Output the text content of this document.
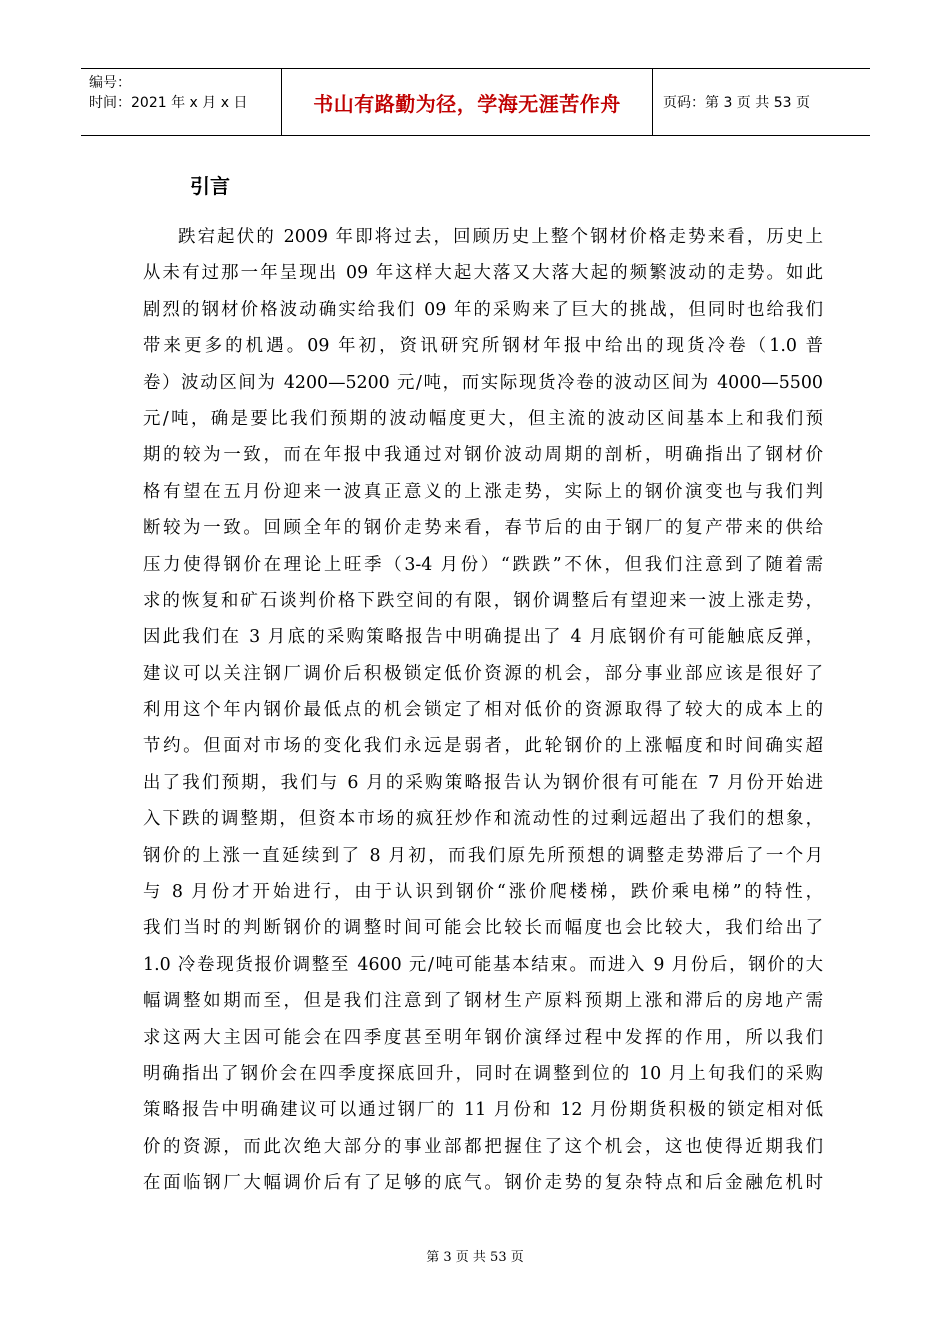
编号：
时间：2021 年 x 月 x 日	书山有路勤为径，学海无涯苦作舟	页码：第 3 页 共 53 页
引言
跌宕起伏的 2009 年即将过去，回顾历史上整个钢材价格走势来看，历史上
从未有过那一年呈现出 09 年这样大起大落又大落大起的频繁波动的走势。如此
剧烈的钢材价格波动确实给我们 09 年的采购来了巨大的挑战，但同时也给我们
带来更多的机遇。09 年初，资讯研究所钢材年报中给出的现货冷卷（1.0 普
卷）波动区间为 4200—5200 元/吨，而实际现货冷卷的波动区间为 4000—5500
元/吨，确是要比我们预期的波动幅度更大，但主流的波动区间基本上和我们预
期的较为一致，而在年报中我通过对钢价波动周期的剖析，明确指出了钢材价
格有望在五月份迎来一波真正意义的上涨走势，实际上的钢价演变也与我们判
断较为一致。回顾全年的钢价走势来看，春节后的由于钢厂的复产带来的供给
压力使得钢价在理论上旺季（3-4 月份）“跌跌”不休，但我们注意到了随着需
求的恢复和矿石谈判价格下跌空间的有限，钢价调整后有望迎来一波上涨走势，
因此我们在 3 月底的采购策略报告中明确提出了 4 月底钢价有可能触底反弹，
建议可以关注钢厂调价后积极锁定低价资源的机会，部分事业部应该是很好了
利用这个年内钢价最低点的机会锁定了相对低价的资源取得了较大的成本上的
节约。但面对市场的变化我们永远是弱者，此轮钢价的上涨幅度和时间确实超
出了我们预期，我们与 6 月的采购策略报告认为钢价很有可能在 7 月份开始进
入下跌的调整期，但资本市场的疯狂炒作和流动性的过剩远超出了我们的想象，
钢价的上涨一直延续到了 8 月初，而我们原先所预想的调整走势滞后了一个月
与 8 月份才开始进行，由于认识到钢价“涨价爬楼梯，跌价乘电梯”的特性，
我们当时的判断钢价的调整时间可能会比较长而幅度也会比较大，我们给出了
1.0 冷卷现货报价调整至 4600 元/吨可能基本结束。而进入 9 月份后，钢价的大
幅调整如期而至，但是我们注意到了钢材生产原料预期上涨和滞后的房地产需
求这两大主因可能会在四季度甚至明年钢价演绎过程中发挥的作用，所以我们
明确指出了钢价会在四季度探底回升，同时在调整到位的 10 月上旬我们的采购
策略报告中明确建议可以通过钢厂的 11 月份和 12 月份期货积极的锁定相对低
价的资源，而此次绝大部分的事业部都把握住了这个机会，这也使得近期我们
在面临钢厂大幅调价后有了足够的底气。钢价走势的复杂特点和后金融危机时
第 3 页 共 53 页
